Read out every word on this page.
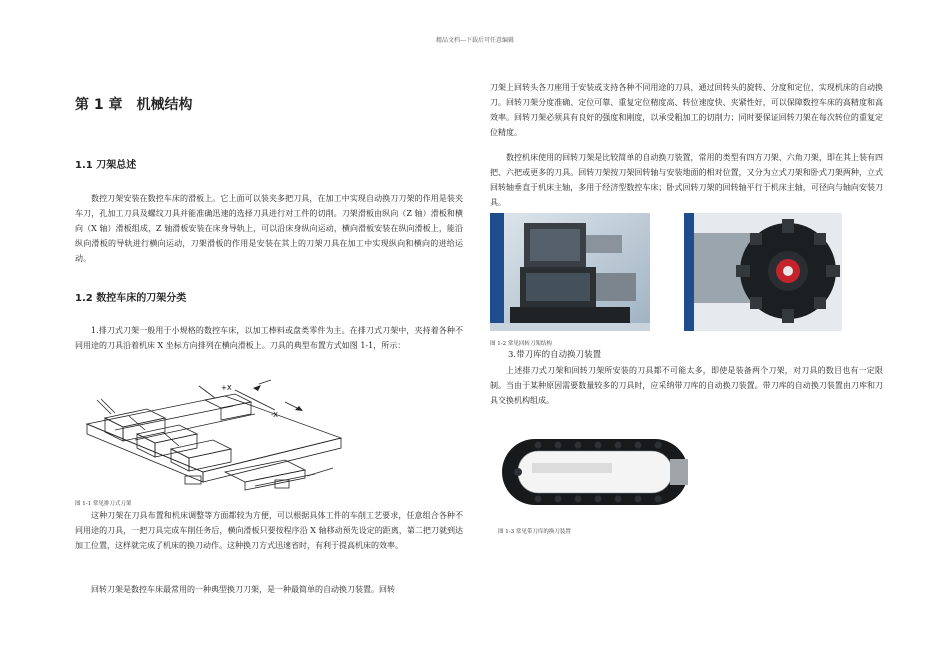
精品文档---下载后可任意编辑
第 1 章　机械结构
1.1 刀架总述

数控刀架安装在数控车床的滑板上。它上面可以装夹多把刀具，在加工中实现自动换刀刀架的作用是装夹车刀，孔加工刀具及螺纹刀具并能准确迅速的选择刀具进行对工件的切削。刀架滑板由纵向（Z 轴）滑板和横向（X 轴）滑板组成，Z 轴滑板安装在床身导轨上，可以沿床身纵向运动，横向滑板安装在纵向滑板上，能沿纵向滑板的导轨进行横向运动，刀架滑板的作用是安装在其上的刀架刀具在加工中实现纵向和横向的进给运动。

1.2 数控车床的刀架分类

1.排刀式刀架一般用于小规格的数控车床，以加工棒料或盘类零件为主。在排刀式刀架中，夹持着各种不同用途的刀具沿着机床 X 坐标方向排列在横向滑板上。刀具的典型布置方式如图 1-1，所示：

+X
-X
图 1-1 常见排刀式刀架

这种刀架在刀具布置和机床调整等方面都较为方便，可以根据具体工件的车削工艺要求，任意组合各种不同用途的刀具，一把刀具完成车削任务后，横向滑板只要按程序沿 X 轴移动预先设定的距离，第二把刀就到达加工位置，这样就完成了机床的换刀动作。这种换刀方式迅速省时，有利于提高机床的效率。

回转刀架是数控车床最常用的一种典型换刀刀架，是一种最简单的自动换刀装置。回转

刀架上回转头各刀座用于安装或支持各种不同用途的刀具，通过回转头的旋转、分度和定位，实现机床的自动换刀。回转刀架分度准确、定位可靠、重复定位精度高、转位速度快、夹紧性好，可以保障数控车床的高精度和高效率。回转刀架必须具有良好的强度和刚度，以承受粗加工的切削力；同时要保证回转刀架在每次转位的重复定位精度。

数控机床使用的回转刀架是比较简单的自动换刀装置，常用的类型有四方刀架、六角刀架，即在其上装有四把、六把或更多的刀具。回转刀架按刀架回转轴与安装地面的相对位置，又分为立式刀架和卧式刀架两种，立式回转轴垂直于机床主轴，多用于经济型数控车床；卧式回转刀架的回转轴平行于机床主轴，可径向与轴向安装刀具。

图 1-2 常见回转刀架结构
3.带刀库的自动换刀装置

上述排刀式刀架和回转刀架所安装的刀具都不可能太多，即使是装备两个刀架，对刀具的数目也有一定限制。当由于某种原因需要数量较多的刀具时，应采纳带刀库的自动换刀装置。带刀库的自动换刀装置由刀库和刀具交换机构组成。

图 1-3 常见带刀库的换刀装置
